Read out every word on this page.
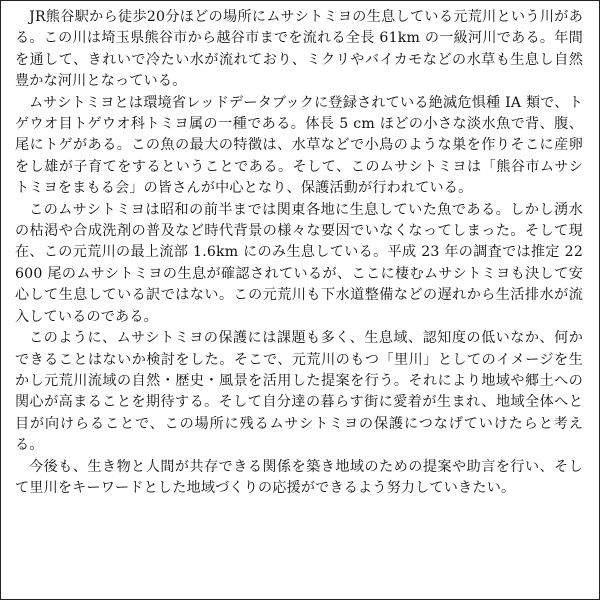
JR熊谷駅から徒歩20分ほどの場所にムサシトミヨの生息している元荒川という川がある。この川は埼玉県熊谷市から越谷市までを流れる全長 61km の一級河川である。年間を通して、きれいで冷たい水が流れており、ミクリやバイカモなどの水草も生息し自然豊かな河川となっている。

ムサシトミヨとは環境省レッドデータブックに登録されている絶滅危惧種 IA 類で、トゲウオ目トゲウオ科トミヨ属の一種である。体長 5 cm ほどの小さな淡水魚で背、腹、尾にトゲがある。この魚の最大の特徴は、水草などで小鳥のような巣を作りそこに産卵をし雄が子育てをするということである。そして、このムサシトミヨは「熊谷市ムサシトミヨをまもる会」の皆さんが中心となり、保護活動が行われている。

このムサシトミヨは昭和の前半までは関東各地に生息していた魚である。しかし湧水の枯渇や合成洗剤の普及など時代背景の様々な要因でいなくなってしまった。そして現在、この元荒川の最上流部 1.6km にのみ生息している。平成 23 年の調査では推定 22600 尾のムサシトミヨの生息が確認されているが、ここに棲むムサシトミヨも決して安心して生息している訳ではない。この元荒川も下水道整備などの遅れから生活排水が流入しているのである。

このように、ムサシトミヨの保護には課題も多く、生息域、認知度の低いなか、何かできることはないか検討をした。そこで、元荒川のもつ「里川」としてのイメージを生かし元荒川流域の自然・歴史・風景を活用した提案を行う。それにより地域や郷土への関心が高まることを期待する。そして自分達の暮らす街に愛着が生まれ、地域全体へと目が向けらることで、この場所に残るムサシトミヨの保護につなげていけたらと考える。

今後も、生き物と人間が共存できる関係を築き地域のための提案や助言を行い、そして里川をキーワードとした地域づくりの応援ができるよう努力していきたい。
